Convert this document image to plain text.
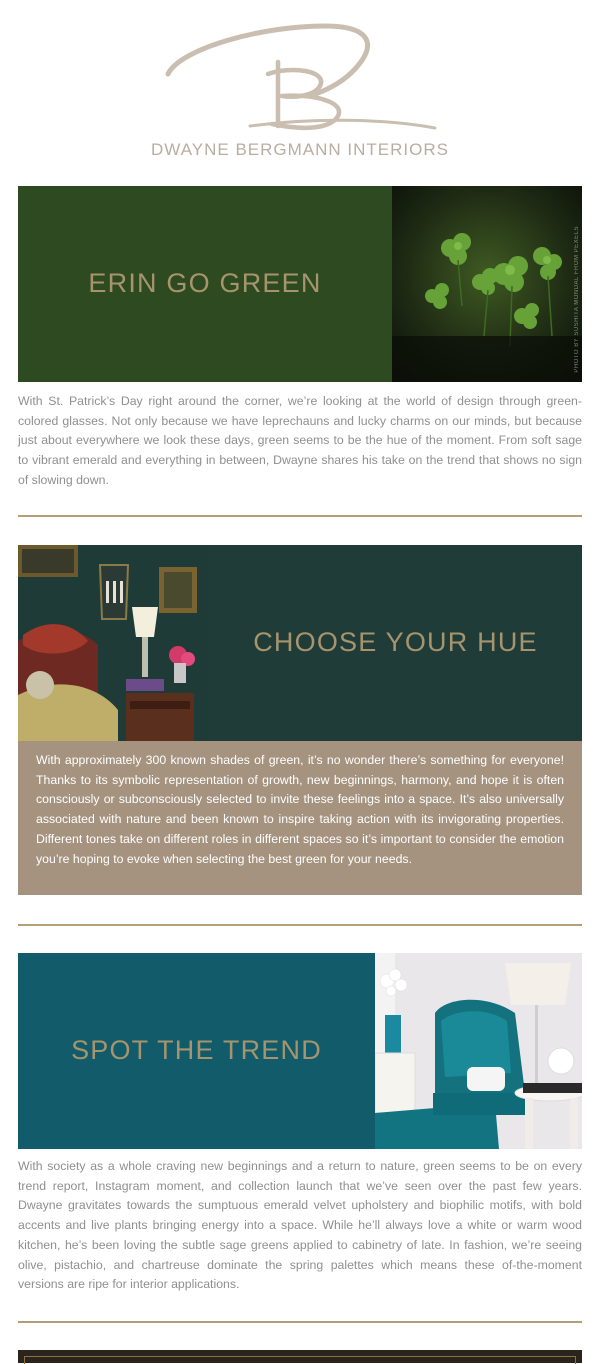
DWAYNE BERGMANN INTERIORS
ERIN GO GREEN	PHOTO BY SUSHITA MONDAL FROM PEXELS

With St. Patrick’s Day right around the corner, we’re looking at the world of design through green-colored glasses. Not only because we have leprechauns and lucky charms on our minds, but because just about everywhere we look these days, green seems to be the hue of the moment. From soft sage to vibrant emerald and everything in between, Dwayne shares his take on the trend that shows no sign of slowing down.

CHOOSE YOUR HUE
With approximately 300 known shades of green, it’s no wonder there’s something for everyone! Thanks to its symbolic representation of growth, new beginnings, harmony, and hope it is often consciously or subconsciously selected to invite these feelings into a space. It’s also universally associated with nature and been known to inspire taking action with its invigorating properties. Different tones take on different roles in different spaces so it’s important to consider the emotion you’re hoping to evoke when selecting the best green for your needs.
SPOT THE TREND

With society as a whole craving new beginnings and a return to nature, green seems to be on every trend report, Instagram moment, and collection launch that we’ve seen over the past few years. Dwayne gravitates towards the sumptuous emerald velvet upholstery and biophilic motifs, with bold accents and live plants bringing energy into a space. While he’ll always love a white or warm wood kitchen, he’s been loving the subtle sage greens applied to cabinetry of late. In fashion, we’re seeing olive, pistachio, and chartreuse dominate the spring palettes which means these of-the-moment versions are ripe for interior applications.
